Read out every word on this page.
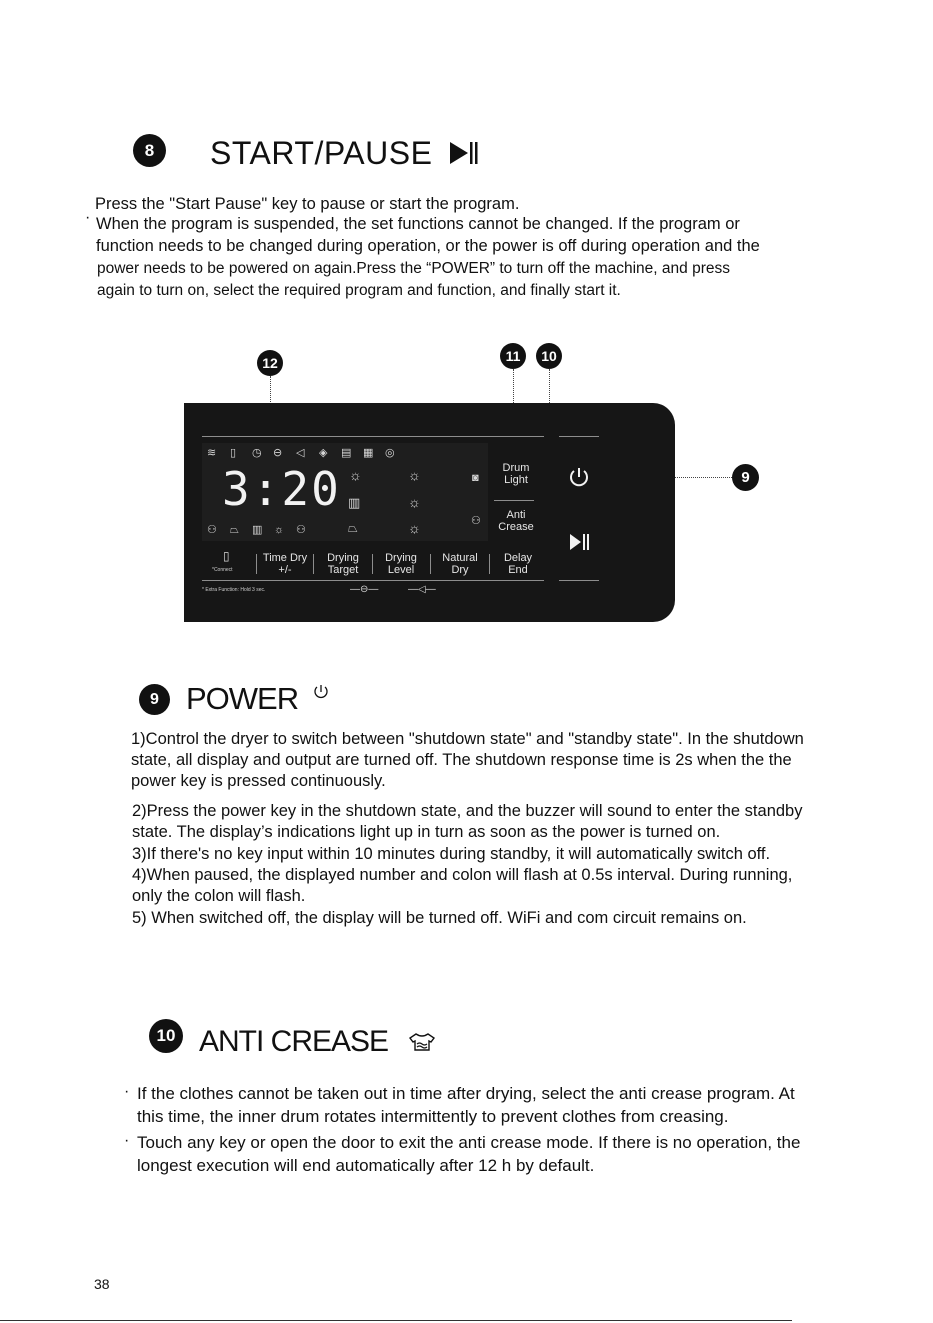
8	START/PAUSE
Press the "Start Pause" key to pause or start the program.
· When the program is suspended, the set functions cannot be changed. If the program or
function needs to be changed during operation, or the power is off during operation and the
power needs to be powered on again.Press the “POWER” to turn off the machine, and press
again to turn on, select the required program and function, and finally start it.
12	11	10
9
≋ ▯ ◷ ⊖ ◁ ◈ ▤ ▦ ◎
3:20 ☼	☼
☼
☼
▥
⏢
◙
⚇
⚇ ⏢ ▥ ☼ ⚇
Drum
Light
Anti
Crease
▯
*Connect
Time Dry
+/-
Drying
Target
Drying
Level
Natural
Dry
Delay
End
* Extra Function: Hold 3 sec.	—⊖—	—◁—
9 POWER
1)Control the dryer to switch between "shutdown state" and "standby state". In the shutdown
state, all display and output are turned off. The shutdown response time is 2s when the the
power key is pressed continuously.
2)Press the power key in the shutdown state, and the buzzer will sound to enter the standby
state. The display’s indications light up in turn as soon as the power is turned on.
3)If there's no key input within 10 minutes during standby, it will automatically switch off.
4)When paused, the displayed number and colon will flash at 0.5s interval. During running,
only the colon will flash.
5) When switched off, the display will be turned off. WiFi and com circuit remains on.
10 ANTI CREASE
· If the clothes cannot be taken out in time after drying, select the anti crease program. At
this time, the inner drum rotates intermittently to prevent clothes from creasing.
· Touch any key or open the door to exit the anti crease mode. If there is no operation, the
longest execution will end automatically after 12 h by default.
38
